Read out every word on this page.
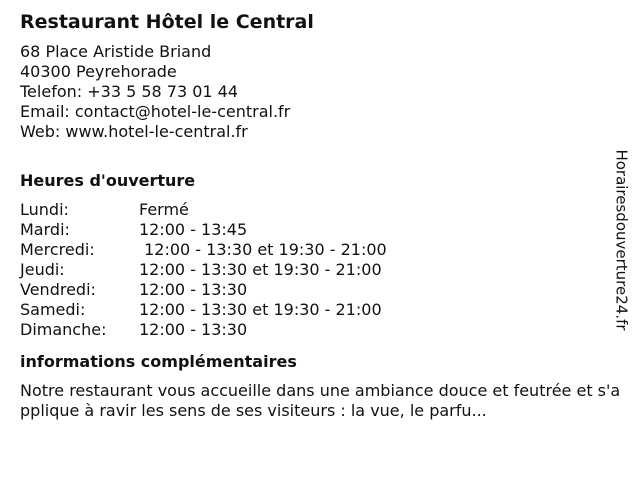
Restaurant Hôtel le Central

68 Place Aristide Briand

40300 Peyrehorade

Telefon: +33 5 58 73 01 44

Email: contact@hotel-le-central.fr

Web: www.hotel-le-central.fr

Heures d'ouverture
Lundi:	Fermé
Mardi:	12:00 - 13:45
Mercredi:	12:00 - 13:30 et 19:30 - 21:00
Jeudi:	12:00 - 13:30 et 19:30 - 21:00
Vendredi:	12:00 - 13:30
Samedi:	12:00 - 13:30 et 19:30 - 21:00
Dimanche:	12:00 - 13:30
informations complémentaires

Notre restaurant vous accueille dans une ambiance douce et feutrée et s'applique à ravir les sens de ses visiteurs : la vue, le parfu...

Horairesdouverture24.fr
